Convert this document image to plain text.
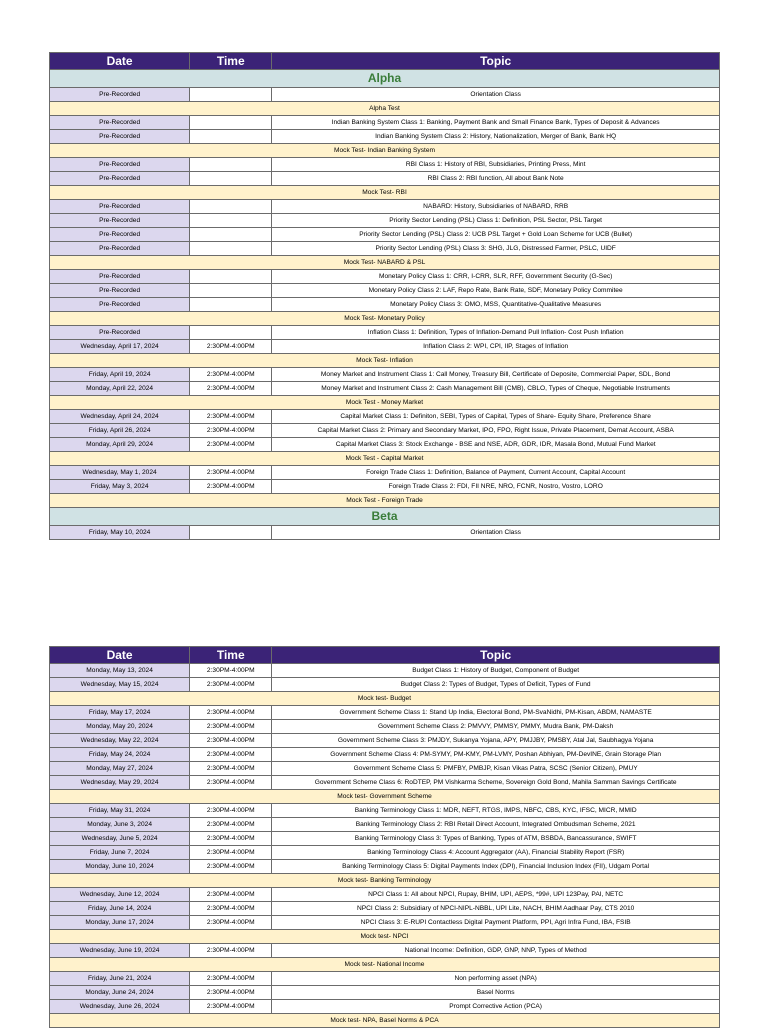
Date	Time	Topic
Alpha		
Pre-Recorded		Orientation Class
Alpha Test		
Pre-Recorded		Indian Banking System Class 1: Banking, Payment Bank and Small Finance Bank, Types of Deposit & Advances
Pre-Recorded		Indian Banking System Class 2: History, Nationalization, Merger of Bank, Bank HQ
Mock Test- Indian Banking System		
Pre-Recorded		RBI Class 1: History of RBI, Subsidiaries, Printing Press, Mint
Pre-Recorded		RBI Class 2: RBI function, All about Bank Note
Mock Test- RBI		
Pre-Recorded		NABARD: History, Subsidiaries of NABARD, RRB
Pre-Recorded		Priority Sector Lending (PSL) Class 1: Definition, PSL Sector, PSL Target
Pre-Recorded		Priority Sector Lending (PSL) Class 2: UCB PSL Target + Gold Loan Scheme for UCB (Bullet)
Pre-Recorded		Priority Sector Lending (PSL) Class 3: SHG, JLG, Distressed Farmer, PSLC, UIDF
Mock Test- NABARD & PSL		
Pre-Recorded		Monetary Policy Class 1: CRR, I-CRR, SLR, RFF, Government Security (G-Sec)
Pre-Recorded		Monetary Policy Class 2: LAF, Repo Rate, Bank Rate, SDF, Monetary Policy Commitee
Pre-Recorded		Monetary Policy Class 3: OMO, MSS, Quantitative-Qualitative Measures
Mock Test- Monetary Policy		
Pre-Recorded		Inflation Class 1: Definition, Types of Inflation-Demand Pull Inflation- Cost Push Inflation
Wednesday, April 17, 2024	2:30PM-4:00PM	Inflation Class 2: WPI, CPI, IIP, Stages of Inflation
Mock Test- Inflation		
Friday, April 19, 2024	2:30PM-4:00PM	Money Market and Instrument Class 1: Call Money, Treasury Bill, Certificate of Deposite, Commercial Paper, SDL, Bond
Monday, April 22, 2024	2:30PM-4:00PM	Money Market and Instrument Class 2: Cash Management Bill (CMB), CBLO, Types of Cheque, Negotiable Instruments
Mock Test - Money Market		
Wednesday, April 24, 2024	2:30PM-4:00PM	Capital Market Class 1: Definiton, SEBI, Types of Capital, Types of Share- Equity Share, Preference Share
Friday, April 26, 2024	2:30PM-4:00PM	Capital Market Class 2: Primary and Secondary Market, IPO, FPO, Right Issue, Private Placement, Demat Account, ASBA
Monday, April 29, 2024	2:30PM-4:00PM	Capital Market Class 3: Stock Exchange - BSE and NSE, ADR, GDR, IDR, Masala Bond, Mutual Fund Market
Mock Test - Capital Market		
Wednesday, May 1, 2024	2:30PM-4:00PM	Foreign Trade Class 1: Definition, Balance of Payment, Current Account, Capital Account
Friday, May 3, 2024	2:30PM-4:00PM	Foreign Trade Class 2: FDI, FII NRE, NRO, FCNR, Nostro, Vostro, LORO
Mock Test - Foreign Trade		
Beta		
Friday, May 10, 2024		Orientation Class
Date	Time	Topic
Monday, May 13, 2024	2:30PM-4:00PM	Budget Class 1: History of Budget, Component of Budget
Wednesday, May 15, 2024	2:30PM-4:00PM	Budget Class 2: Types of Budget, Types of Deficit, Types of Fund
Mock test- Budget		
Friday, May 17, 2024	2:30PM-4:00PM	Government Scheme Class 1: Stand Up India, Electoral Bond, PM-SvaNidhi, PM-Kisan, ABDM, NAMASTE
Monday, May 20, 2024	2:30PM-4:00PM	Government Scheme Class 2: PMVVY, PMMSY, PMMY, Mudra Bank, PM-Daksh
Wednesday, May 22, 2024	2:30PM-4:00PM	Government Scheme Class 3: PMJDY, Sukanya Yojana, APY, PMJJBY, PMSBY, Atal Jal, Saubhagya Yojana
Friday, May 24, 2024	2:30PM-4:00PM	Government Scheme Class 4: PM-SYMY, PM-KMY, PM-LVMY, Poshan Abhiyan, PM-DevINE, Grain Storage Plan
Monday, May 27, 2024	2:30PM-4:00PM	Government Scheme Class 5: PMFBY, PMBJP, Kisan Vikas Patra, SCSC (Senior Citizen), PMUY
Wednesday, May 29, 2024	2:30PM-4:00PM	Government Scheme Class 6: RoDTEP, PM Vishkarma Scheme, Sovereign Gold Bond, Mahila Samman Savings Certificate
Mock test- Government Scheme		
Friday, May 31, 2024	2:30PM-4:00PM	Banking Terminology Class 1: MDR, NEFT, RTGS, IMPS, NBFC, CBS, KYC, IFSC, MICR, MMID
Monday, June 3, 2024	2:30PM-4:00PM	Banking Terminology Class 2: RBI Retail Direct Account, Integrated Ombudsman Scheme, 2021
Wednesday, June 5, 2024	2:30PM-4:00PM	Banking Terminology Class 3: Types of Banking, Types of ATM, BSBDA, Bancassurance, SWIFT
Friday, June 7, 2024	2:30PM-4:00PM	Banking Terminology Class 4: Account Aggregator (AA), Financial Stability Report (FSR)
Monday, June 10, 2024	2:30PM-4:00PM	Banking Terminology Class 5: Digital Payments Index (DPI), Financial Inclusion Index (FII), Udgam Portal
Mock test- Banking Terminology		
Wednesday, June 12, 2024	2:30PM-4:00PM	NPCI Class 1: All about NPCI, Rupay, BHIM, UPI, AEPS, *99#, UPI 123Pay, PAI, NETC
Friday, June 14, 2024	2:30PM-4:00PM	NPCI Class 2: Subsidiary of NPCI-NIPL-NBBL, UPI Lite, NACH, BHIM Aadhaar Pay, CTS 2010
Monday, June 17, 2024	2:30PM-4:00PM	NPCI Class 3: E-RUPI Contactless Digital Payment Platform, PPI, Agri Infra Fund, IBA, FSIB
Mock test- NPCI		
Wednesday, June 19, 2024	2:30PM-4:00PM	National Income: Definition, GDP, GNP, NNP, Types of Method
Mock test- National Income		
Friday, June 21, 2024	2:30PM-4:00PM	Non performing asset (NPA)
Monday, June 24, 2024	2:30PM-4:00PM	Basel Norms
Wednesday, June 26, 2024	2:30PM-4:00PM	Prompt Corrective Action (PCA)
Mock test- NPA, Basel Norms & PCA		
